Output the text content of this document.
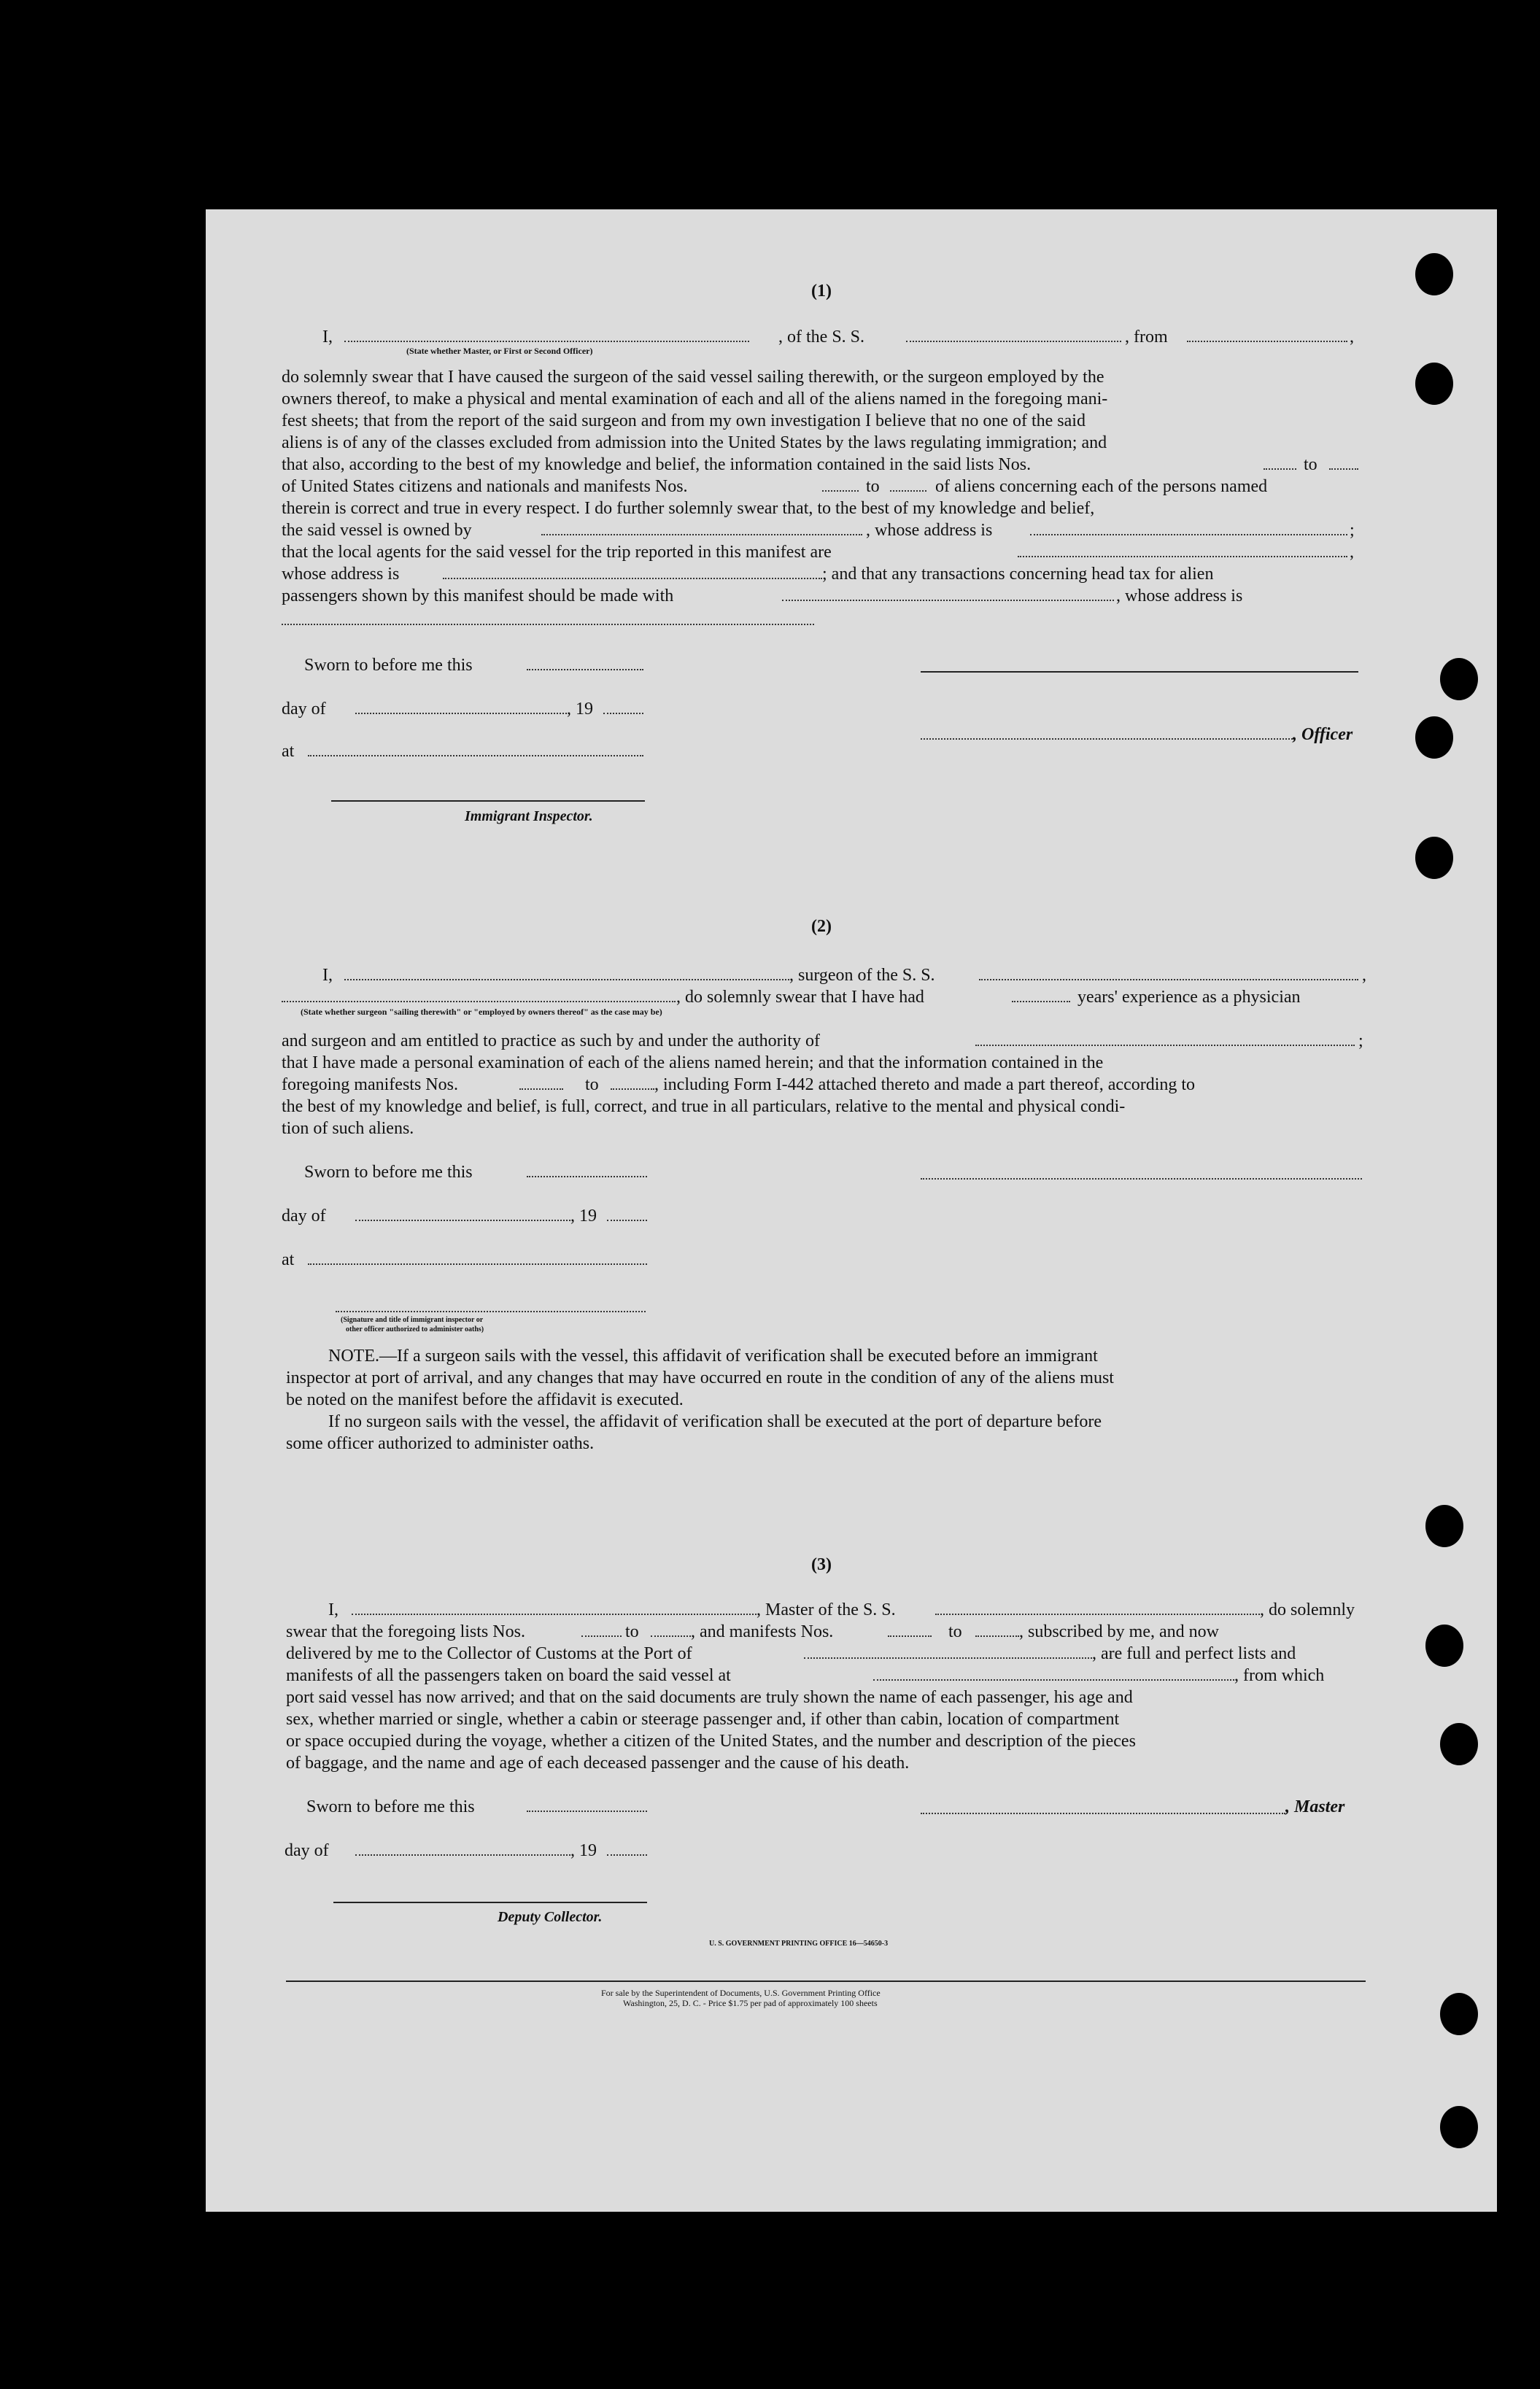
(1)
I,	, of the S. S.	, from	,
(State whether Master, or First or Second Officer)
do solemnly swear that I have caused the surgeon of the said vessel sailing therewith, or the surgeon employed by the
owners thereof, to make a physical and mental examination of each and all of the aliens named in the foregoing mani-
fest sheets; that from the report of the said surgeon and from my own investigation I believe that no one of the said
aliens is of any of the classes excluded from admission into the United States by the laws regulating immigration; and
that also, according to the best of my knowledge and belief, the information contained in the said lists Nos.	to
of United States citizens and nationals and manifests Nos.	to	of aliens concerning each of the persons named
therein is correct and true in every respect. I do further solemnly swear that, to the best of my knowledge and belief,
the said vessel is owned by	, whose address is	;
that the local agents for the said vessel for the trip reported in this manifest are	,
whose address is	; and that any transactions concerning head tax for alien
passengers shown by this manifest should be made with	, whose address is
Sworn to before me this
day of	, 19
, Officer
at
Immigrant Inspector.
(2)
I,	, surgeon of the S. S.	,
, do solemnly swear that I have had	years' experience as a physician
(State whether surgeon "sailing therewith" or "employed by owners thereof" as the case may be)
and surgeon and am entitled to practice as such by and under the authority of	;
that I have made a personal examination of each of the aliens named herein; and that the information contained in the
foregoing manifests Nos.	to	, including Form I-442 attached thereto and made a part thereof, according to
the best of my knowledge and belief, is full, correct, and true in all particulars, relative to the mental and physical condi-
tion of such aliens.
Sworn to before me this
day of	, 19
at
(Signature and title of immigrant inspector or
other officer authorized to administer oaths)
NOTE. —If a surgeon sails with the vessel, this affidavit of verification shall be executed before an immigrant
inspector at port of arrival, and any changes that may have occurred en route in the condition of any of the aliens must
be noted on the manifest before the affidavit is executed.
If no surgeon sails with the vessel, the affidavit of verification shall be executed at the port of departure before
some officer authorized to administer oaths.
(3)
I,	, Master of the S. S.	, do solemnly
swear that the foregoing lists Nos.	to	, and manifests Nos.	to	, subscribed by me, and now
delivered by me to the Collector of Customs at the Port of	, are full and perfect lists and
manifests of all the passengers taken on board the said vessel at	, from which
port said vessel has now arrived; and that on the said documents are truly shown the name of each passenger, his age and
sex, whether married or single, whether a cabin or steerage passenger and, if other than cabin, location of compartment
or space occupied during the voyage, whether a citizen of the United States, and the number and description of the pieces
of baggage, and the name and age of each deceased passenger and the cause of his death.
Sworn to before me this	, Master
day of	, 19
Deputy Collector.
U. S. GOVERNMENT PRINTING OFFICE 16—54650-3
For sale by the Superintendent of Documents, U.S. Government Printing Office
Washington, 25, D. C. - Price $1.75 per pad of approximately 100 sheets
